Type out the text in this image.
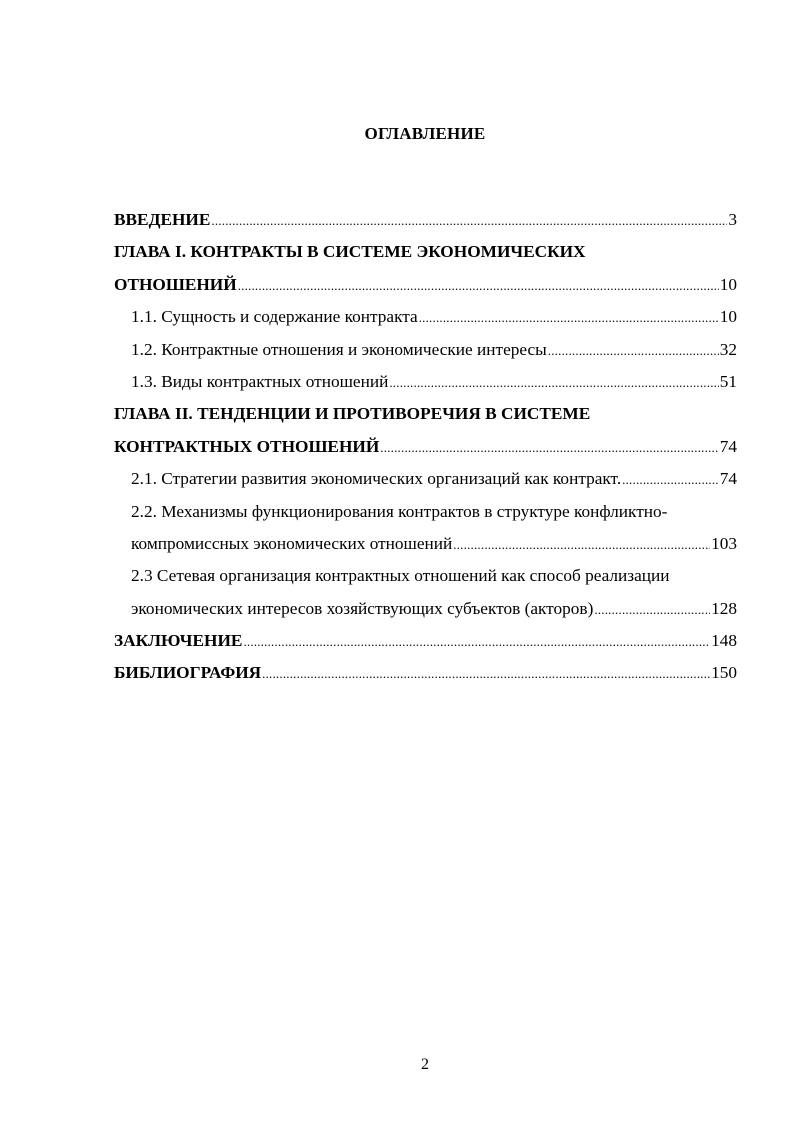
ОГЛАВЛЕНИЕ
ВВЕДЕНИЕ .....	3
ГЛАВА I. КОНТРАКТЫ В СИСТЕМЕ ЭКОНОМИЧЕСКИХ
ОТНОШЕНИЙ .....	10
1.1. Сущность и содержание контракта .....	10
1.2. Контрактные отношения и экономические интересы .....	32
1.3. Виды контрактных отношений .....	51
ГЛАВА II. ТЕНДЕНЦИИ И ПРОТИВОРЕЧИЯ В СИСТЕМЕ
КОНТРАКТНЫХ ОТНОШЕНИЙ .....	74
2.1. Стратегии развития экономических организаций как контракт. .....	74
2.2. Механизмы функционирования контрактов в структуре конфликтно-
компромиссных экономических отношений .....	103
2.3 Сетевая организация контрактных отношений как способ реализации
экономических интересов хозяйствующих субъектов (акторов) .....	128
ЗАКЛЮЧЕНИЕ .....	148
БИБЛИОГРАФИЯ .....	150
2
